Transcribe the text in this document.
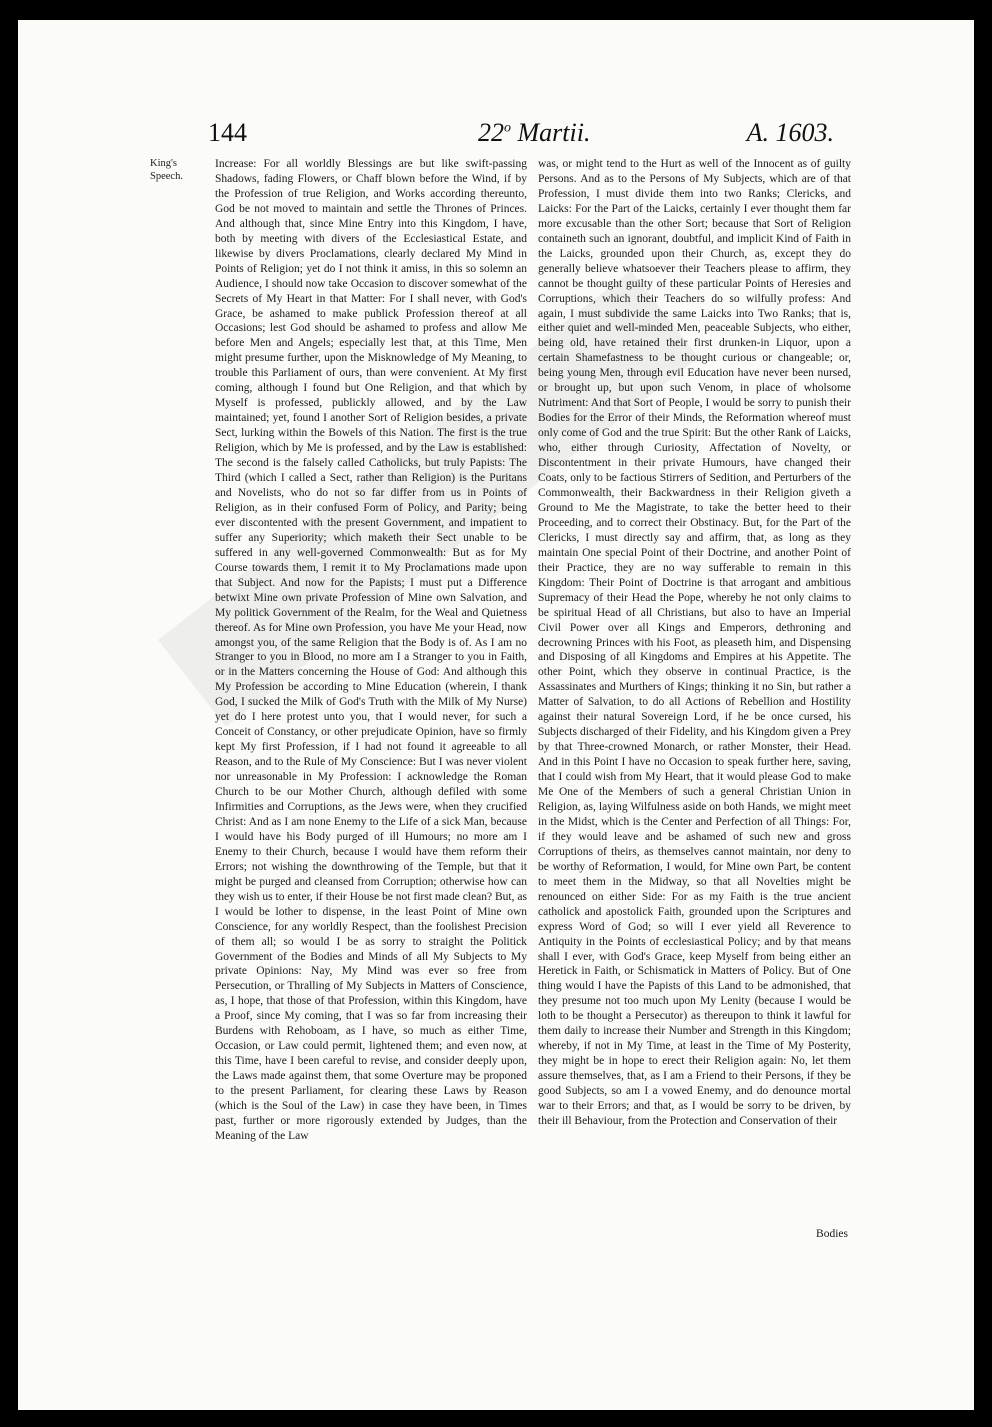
144	22$^o$ Martii.	A. 1603.
King's Speech.

Increase: For all worldly Blessings are but like swift-passing Shadows, fading Flowers, or Chaff blown before the Wind, if by the Profession of true Religion, and Works according thereunto, God be not moved to maintain and settle the Thrones of Princes. And although that, since Mine Entry into this Kingdom, I have, both by meeting with divers of the Ecclesiastical Estate, and likewise by divers Proclamations, clearly declared My Mind in Points of Religion; yet do I not think it amiss, in this so solemn an Audience, I should now take Occasion to discover somewhat of the Secrets of My Heart in that Matter: For I shall never, with God's Grace, be ashamed to make publick Profession thereof at all Occasions; lest God should be ashamed to profess and allow Me before Men and Angels; especially lest that, at this Time, Men might presume further, upon the Misknowledge of My Meaning, to trouble this Parliament of ours, than were convenient. At My first coming, although I found but One Religion, and that which by Myself is professed, publickly allowed, and by the Law maintained; yet, found I another Sort of Religion besides, a private Sect, lurking within the Bowels of this Nation. The first is the true Religion, which by Me is professed, and by the Law is established: The second is the falsely called Catholicks, but truly Papists: The Third (which I called a Sect, rather than Religion) is the Puritans and Novelists, who do not so far differ from us in Points of Religion, as in their confused Form of Policy, and Parity; being ever discontented with the present Government, and impatient to suffer any Superiority; which maketh their Sect unable to be suffered in any well-governed Commonwealth: But as for My Course towards them, I remit it to My Proclamations made upon that Subject. And now for the Papists; I must put a Difference betwixt Mine own private Profession of Mine own Salvation, and My politick Government of the Realm, for the Weal and Quietness thereof. As for Mine own Profession, you have Me your Head, now amongst you, of the same Religion that the Body is of. As I am no Stranger to you in Blood, no more am I a Stranger to you in Faith, or in the Matters concerning the House of God: And although this My Profession be according to Mine Education (wherein, I thank God, I sucked the Milk of God's Truth with the Milk of My Nurse) yet do I here protest unto you, that I would never, for such a Conceit of Constancy, or other prejudicate Opinion, have so firmly kept My first Profession, if I had not found it agreeable to all Reason, and to the Rule of My Conscience: But I was never violent nor unreasonable in My Profession: I acknowledge the Roman Church to be our Mother Church, although defiled with some Infirmities and Corruptions, as the Jews were, when they crucified Christ: And as I am none Enemy to the Life of a sick Man, because I would have his Body purged of ill Humours; no more am I Enemy to their Church, because I would have them reform their Errors; not wishing the downthrowing of the Temple, but that it might be purged and cleansed from Corruption; otherwise how can they wish us to enter, if their House be not first made clean? But, as I would be lother to dispense, in the least Point of Mine own Conscience, for any worldly Respect, than the foolishest Precision of them all; so would I be as sorry to straight the Politick Government of the Bodies and Minds of all My Subjects to My private Opinions: Nay, My Mind was ever so free from Persecution, or Thralling of My Subjects in Matters of Conscience, as, I hope, that those of that Profession, within this Kingdom, have a Proof, since My coming, that I was so far from increasing their Burdens with Rehoboam, as I have, so much as either Time, Occasion, or Law could permit, lightened them; and even now, at this Time, have I been careful to revise, and consider deeply upon, the Laws made against them, that some Overture may be proponed to the present Parliament, for clearing these Laws by Reason (which is the Soul of the Law) in case they have been, in Times past, further or more rigorously extended by Judges, than the Meaning of the Law

was, or might tend to the Hurt as well of the Innocent as of guilty Persons. And as to the Persons of My Subjects, which are of that Profession, I must divide them into two Ranks; Clericks, and Laicks: For the Part of the Laicks, certainly I ever thought them far more excusable than the other Sort; because that Sort of Religion containeth such an ignorant, doubtful, and implicit Kind of Faith in the Laicks, grounded upon their Church, as, except they do generally believe whatsoever their Teachers please to affirm, they cannot be thought guilty of these particular Points of Heresies and Corruptions, which their Teachers do so wilfully profess: And again, I must subdivide the same Laicks into Two Ranks; that is, either quiet and well-minded Men, peaceable Subjects, who either, being old, have retained their first drunken-in Liquor, upon a certain Shamefastness to be thought curious or changeable; or, being young Men, through evil Education have never been nursed, or brought up, but upon such Venom, in place of wholsome Nutriment: And that Sort of People, I would be sorry to punish their Bodies for the Error of their Minds, the Reformation whereof must only come of God and the true Spirit: But the other Rank of Laicks, who, either through Curiosity, Affectation of Novelty, or Discontentment in their private Humours, have changed their Coats, only to be factious Stirrers of Sedition, and Perturbers of the Commonwealth, their Backwardness in their Religion giveth a Ground to Me the Magistrate, to take the better heed to their Proceeding, and to correct their Obstinacy. But, for the Part of the Clericks, I must directly say and affirm, that, as long as they maintain One special Point of their Doctrine, and another Point of their Practice, they are no way sufferable to remain in this Kingdom: Their Point of Doctrine is that arrogant and ambitious Supremacy of their Head the Pope, whereby he not only claims to be spiritual Head of all Christians, but also to have an Imperial Civil Power over all Kings and Emperors, dethroning and decrowning Princes with his Foot, as pleaseth him, and Dispensing and Disposing of all Kingdoms and Empires at his Appetite. The other Point, which they observe in continual Practice, is the Assassinates and Murthers of Kings; thinking it no Sin, but rather a Matter of Salvation, to do all Actions of Rebellion and Hostility against their natural Sovereign Lord, if he be once cursed, his Subjects discharged of their Fidelity, and his Kingdom given a Prey by that Three-crowned Monarch, or rather Monster, their Head. And in this Point I have no Occasion to speak further here, saving, that I could wish from My Heart, that it would please God to make Me One of the Members of such a general Christian Union in Religion, as, laying Wilfulness aside on both Hands, we might meet in the Midst, which is the Center and Perfection of all Things: For, if they would leave and be ashamed of such new and gross Corruptions of theirs, as themselves cannot maintain, nor deny to be worthy of Reformation, I would, for Mine own Part, be content to meet them in the Midway, so that all Novelties might be renounced on either Side: For as my Faith is the true ancient catholick and apostolick Faith, grounded upon the Scriptures and express Word of God; so will I ever yield all Reverence to Antiquity in the Points of ecclesiastical Policy; and by that means shall I ever, with God's Grace, keep Myself from being either an Heretick in Faith, or Schismatick in Matters of Policy. But of One thing would I have the Papists of this Land to be admonished, that they presume not too much upon My Lenity (because I would be loth to be thought a Persecutor) as thereupon to think it lawful for them daily to increase their Number and Strength in this Kingdom; whereby, if not in My Time, at least in the Time of My Posterity, they might be in hope to erect their Religion again: No, let them assure themselves, that, as I am a Friend to their Persons, if they be good Subjects, so am I a vowed Enemy, and do denounce mortal war to their Errors; and that, as I would be sorry to be driven, by their ill Behaviour, from the Protection and Conservation of their

Bodies
